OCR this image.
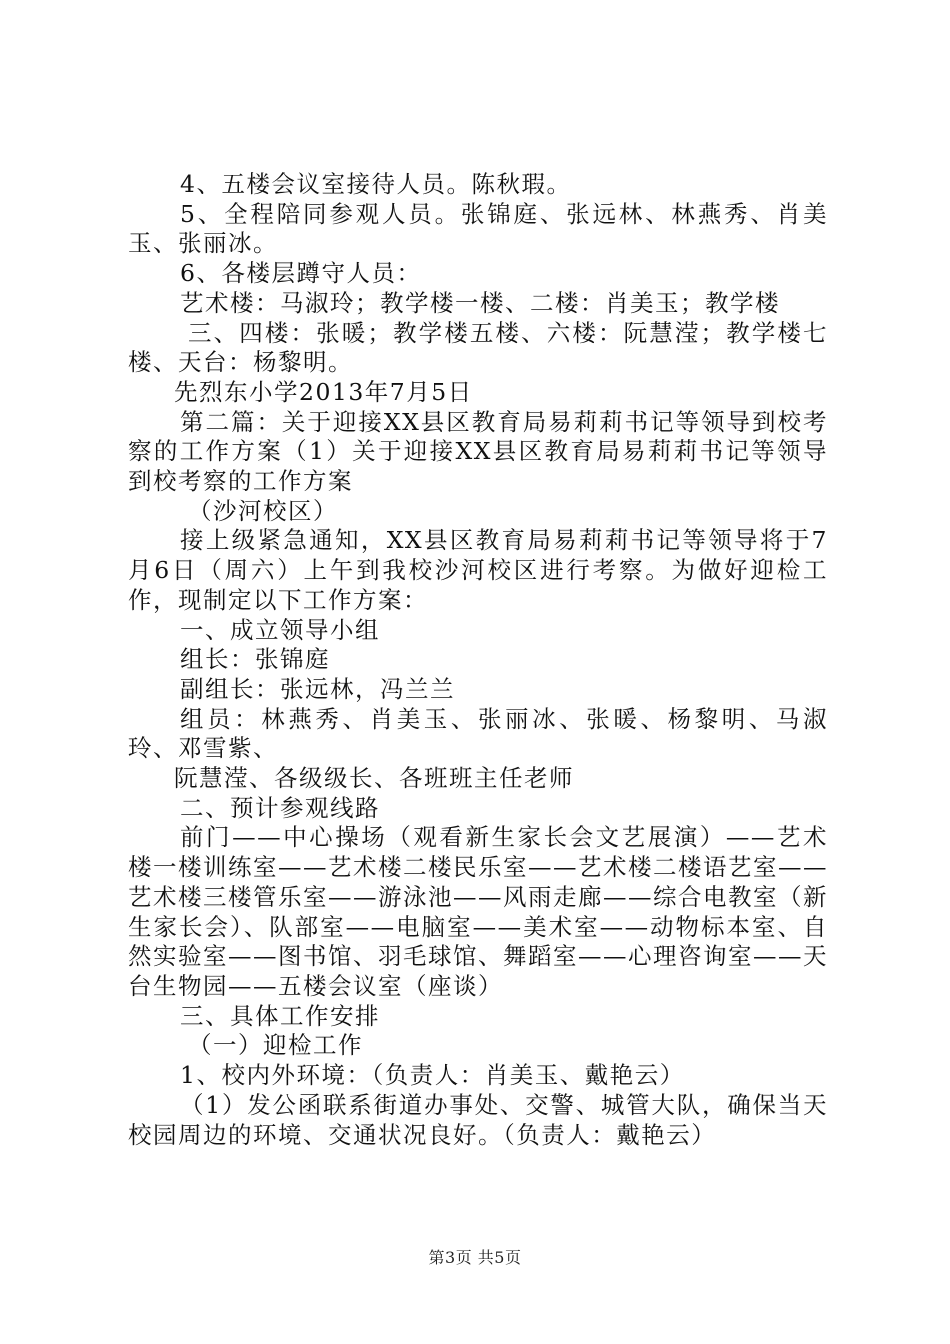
4、五楼会议室接待人员。陈秋瑕。

5、全程陪同参观人员。张锦庭、张远林、林燕秀、肖美玉、张丽冰。

6、各楼层蹲守人员：

艺术楼：马淑玲；教学楼一楼、二楼：肖美玉；教学楼

三、四楼：张暖；教学楼五楼、六楼：阮慧滢；教学楼七楼、天台：杨黎明。

先烈东小学2013年7月5日

第二篇：关于迎接XX县区教育局易莉莉书记等领导到校考察的工作方案（1）关于迎接XX县区教育局易莉莉书记等领导到校考察的工作方案

（沙河校区）

接上级紧急通知，XX县区教育局易莉莉书记等领导将于7月6日（周六）上午到我校沙河校区进行考察。为做好迎检工作，现制定以下工作方案：

一、成立领导小组

组长：张锦庭

副组长：张远林，冯兰兰

组员：林燕秀、肖美玉、张丽冰、张暖、杨黎明、马淑玲、邓雪紫、

阮慧滢、各级级长、各班班主任老师

二、预计参观线路

前门——中心操场（观看新生家长会文艺展演）——艺术楼一楼训练室——艺术楼二楼民乐室——艺术楼二楼语艺室——艺术楼三楼管乐室——游泳池——风雨走廊——综合电教室（新生家长会）、队部室——电脑室——美术室——动物标本室、自然实验室——图书馆、羽毛球馆、舞蹈室——心理咨询室——天台生物园——五楼会议室（座谈）

三、具体工作安排

（一）迎检工作

1、校内外环境：（负责人：肖美玉、戴艳云）

（1）发公函联系街道办事处、交警、城管大队，确保当天校园周边的环境、交通状况良好。（负责人：戴艳云）

第3页 共5页
